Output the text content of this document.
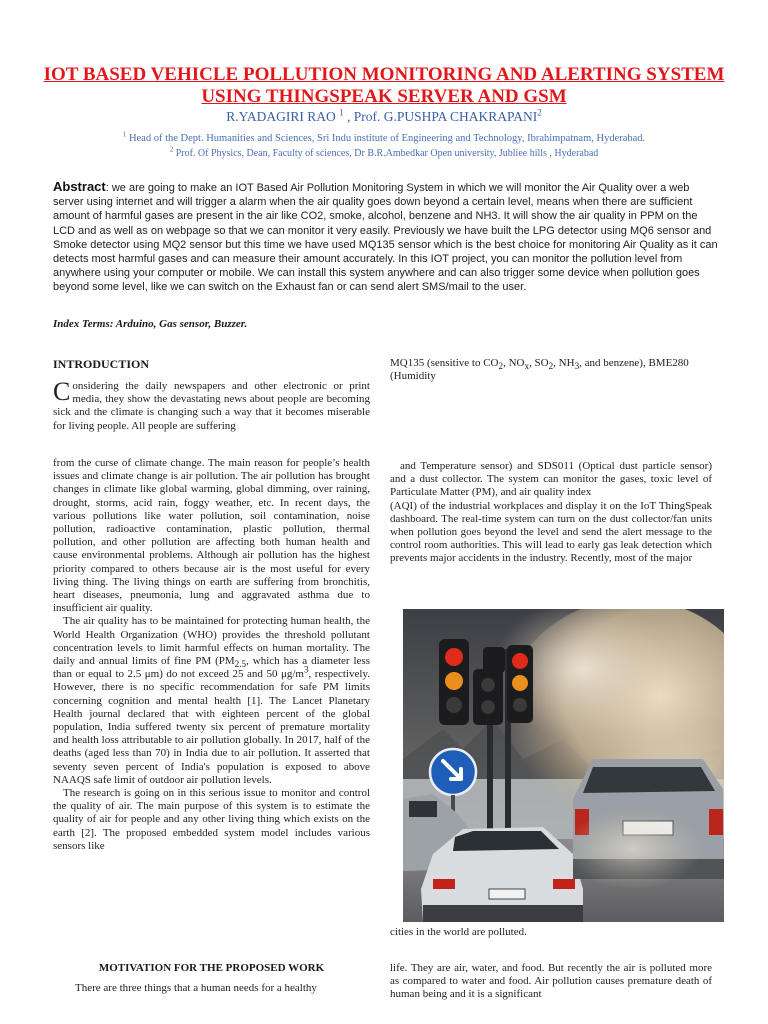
IOT BASED VEHICLE POLLUTION MONITORING AND ALERTING SYSTEM USING THINGSPEAK SERVER AND GSM
R.YADAGIRI RAO $^1$ , Prof. G.PUSHPA CHAKRAPANI$^2$
$^1$ Head of the Dept. Humanities and Sciences, Sri Indu institute of Engineering and Technology, Ibrahimpatnam, Hyderabad.
$^2$ Prof. Of Physics, Dean, Faculty of sciences, Dr B.R.Ambedkar Open university, Jubliee hills , Hyderabad
Abstract: we are going to make an IOT Based Air Pollution Monitoring System in which we will monitor the Air Quality over a web server using internet and will trigger a alarm when the air quality goes down beyond a certain level, means when there are sufficient amount of harmful gases are present in the air like CO2, smoke, alcohol, benzene and NH3. It will show the air quality in PPM on the LCD and as well as on webpage so that we can monitor it very easily. Previously we have built the LPG detector using MQ6 sensor and Smoke detector using MQ2 sensor but this time we have used MQ135 sensor which is the best choice for monitoring Air Quality as it can detects most harmful gases and can measure their amount accurately. In this IOT project, you can monitor the pollution level from anywhere using your computer or mobile. We can install this system anywhere and can also trigger some device when pollution goes beyond some level, like we can switch on the Exhaust fan or can send alert SMS/mail to the user.
Index Terms: Arduino, Gas sensor, Buzzer.
INTRODUCTION
Considering the daily newspapers and other electronic or print media, they show the devastating news about people are becoming sick and the climate is changing such a way that it becomes miserable for living people. All people are suffering

from the curse of climate change. The main reason for people’s health issues and climate change is air pollution. The air pollution has brought changes in climate like global warming, global dimming, over raining, drought, storms, acid rain, foggy weather, etc. In recent days, the various pollutions like water pollution, soil contamination, noise pollution, radioactive contamination, plastic pollution, thermal pollution, and other pollution are affecting both human health and cause environmental problems. Although air pollution has the highest priority compared to others because air is the most useful for every living thing. The living things on earth are suffering from bronchitis, heart diseases, pneumonia, lung and aggravated asthma due to insufficient air quality.

The air quality has to be maintained for protecting human health, the World Health Organization (WHO) provides the threshold pollutant concentration levels to limit harmful effects on human mortality. The daily and annual limits of fine PM ($PM_{2.5}$, which has a diameter less than or equal to 2.5 μm) do not exceed 25 and 50 $\mu g/m^3$, respectively. However, there is no specific recommendation for safe PM limits concerning cognition and mental health [1]. The Lancet Planetary Health journal declared that with eighteen percent of the global population, India suffered twenty six percent of premature mortality and health loss attributable to air pollution globally. In 2017, half of the deaths (aged less than 70) in India due to air pollution. It asserted that seventy seven percent of India's population is exposed to above NAAQS safe limit of outdoor air pollution levels.

The research is going on in this serious issue to monitor and control the quality of air. The main purpose of this system is to estimate the quality of air for people and any other living thing which exists on the earth [2]. The proposed embedded system model includes various sensors like

MOTIVATION FOR THE PROPOSED WORK
There are three things that a human needs for a healthy
MQ135 (sensitive to $CO_2$, $NO_x$, $SO_2$, $NH_3$, and benzene), BME280 (Humidity

and Temperature sensor) and SDS011 (Optical dust particle sensor) and a dust collector. The system can monitor the gases, toxic level of Particulate Matter (PM), and air quality index

(AQI) of the industrial workplaces and display it on the IoT ThingSpeak dashboard. The real-time system can turn on the dust collector/fan units when pollution goes beyond the level and send the alert message to the control room authorities. This will lead to early gas leak detection which prevents major accidents in the industry. Recently, most of the major

cities in the world are polluted.
life. They are air, water, and food. But recently the air is polluted more as compared to water and food. Air pollution causes premature death of human being and it is a significant
